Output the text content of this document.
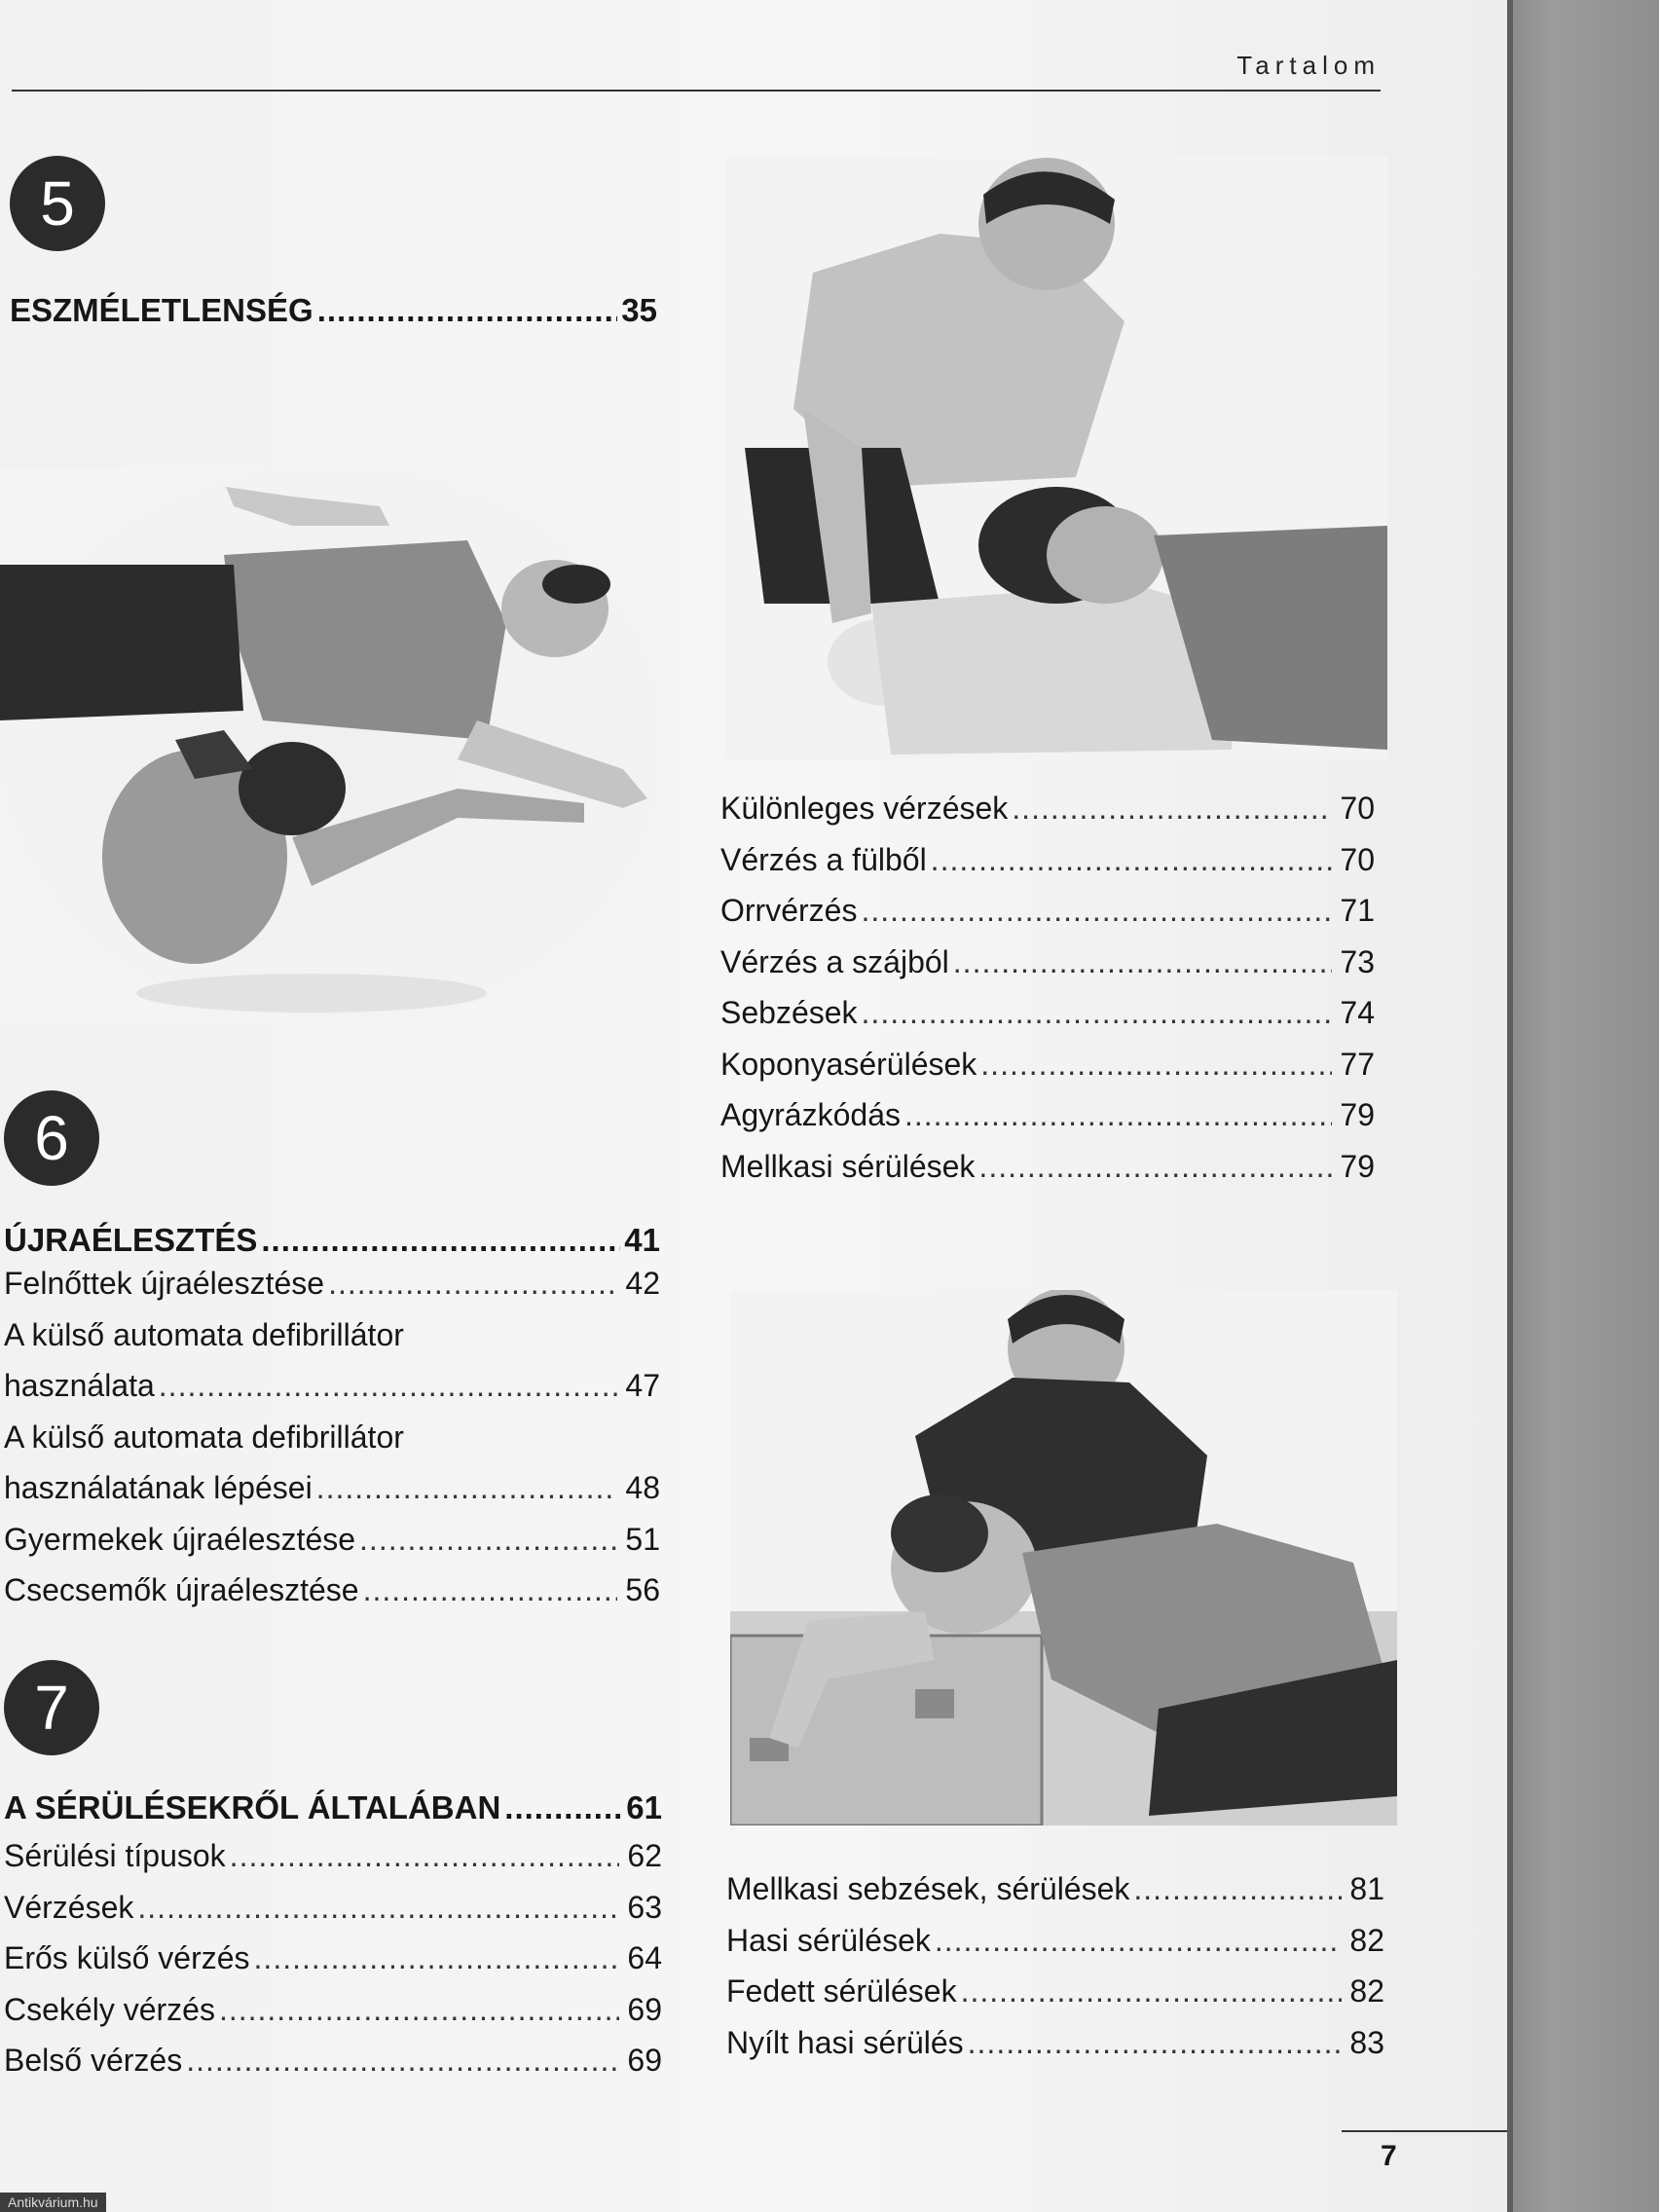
Tartalom
5
ESZMÉLETLENSÉG .....	35
6
ÚJRAÉLESZTÉS .....	41
Felnőttek újraélesztése .....	42
A külső automata defibrillátor
használata .....	47
A külső automata defibrillátor
használatának lépései .....	48
Gyermekek újraélesztése .....	51
Csecsemők újraélesztése .....	56
7
A SÉRÜLÉSEKRŐL ÁLTALÁBAN .....	61
Sérülési típusok .....	62
Vérzések .....	63
Erős külső vérzés .....	64
Csekély vérzés .....	69
Belső vérzés .....	69
Különleges vérzések .....	70
Vérzés a fülből .....	70
Orrvérzés .....	71
Vérzés a szájból .....	73
Sebzések .....	74
Koponyasérülések .....	77
Agyrázkódás .....	79
Mellkasi sérülések .....	79
Mellkasi sebzések, sérülések .....	81
Hasi sérülések .....	82
Fedett sérülések .....	82
Nyílt hasi sérülés .....	83
7
Antikvárium.hu
